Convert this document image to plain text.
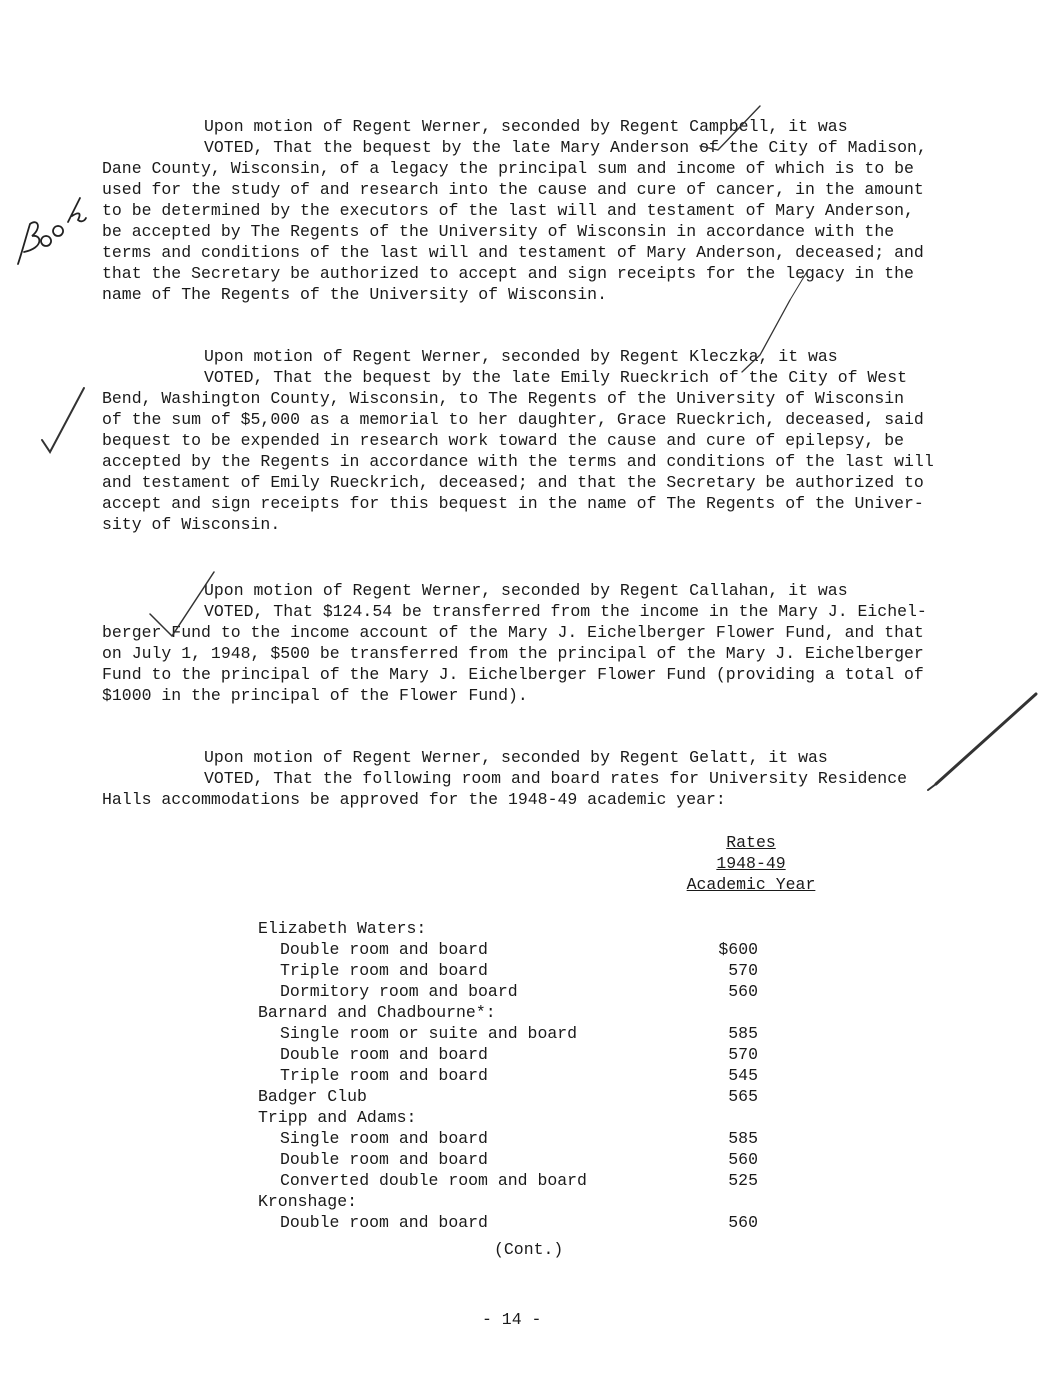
Upon motion of Regent Werner, seconded by Regent Campbell, it was
VOTED, That the bequest by the late Mary Anderson of the City of Madison,
Dane County, Wisconsin, of a legacy the principal sum and income of which is to be
used for the study of and research into the cause and cure of cancer, in the amount
to be determined by the executors of the last will and testament of Mary Anderson,
be accepted by The Regents of the University of Wisconsin in accordance with the
terms and conditions of the last will and testament of Mary Anderson, deceased; and
that the Secretary be authorized to accept and sign receipts for the legacy in the
name of The Regents of the University of Wisconsin.
Upon motion of Regent Werner, seconded by Regent Kleczka, it was
VOTED, That the bequest by the late Emily Rueckrich of the City of West
Bend, Washington County, Wisconsin, to The Regents of the University of Wisconsin
of the sum of $5,000 as a memorial to her daughter, Grace Rueckrich, deceased, said
bequest to be expended in research work toward the cause and cure of epilepsy, be
accepted by the Regents in accordance with the terms and conditions of the last will
and testament of Emily Rueckrich, deceased; and that the Secretary be authorized to
accept and sign receipts for this bequest in the name of The Regents of the Univer-
sity of Wisconsin.
Upon motion of Regent Werner, seconded by Regent Callahan, it was
VOTED, That $124.54 be transferred from the income in the Mary J. Eichel-
berger Fund to the income account of the Mary J. Eichelberger Flower Fund, and that
on July 1, 1948, $500 be transferred from the principal of the Mary J. Eichelberger
Fund to the principal of the Mary J. Eichelberger Flower Fund (providing a total of
$1000 in the principal of the Flower Fund).
Upon motion of Regent Werner, seconded by Regent Gelatt, it was
VOTED, That the following room and board rates for University Residence
Halls accommodations be approved for the 1948-49 academic year:
Rates
1948-49
Academic Year
Elizabeth Waters:
Double room and board	$600
Triple room and board	570
Dormitory room and board	560
Barnard and Chadbourne*:
Single room or suite and board	585
Double room and board	570
Triple room and board	545
Badger Club	565
Tripp and Adams:
Single room and board	585
Double room and board	560
Converted double room and board	525
Kronshage:
Double room and board	560
(Cont.)
- 14 -
